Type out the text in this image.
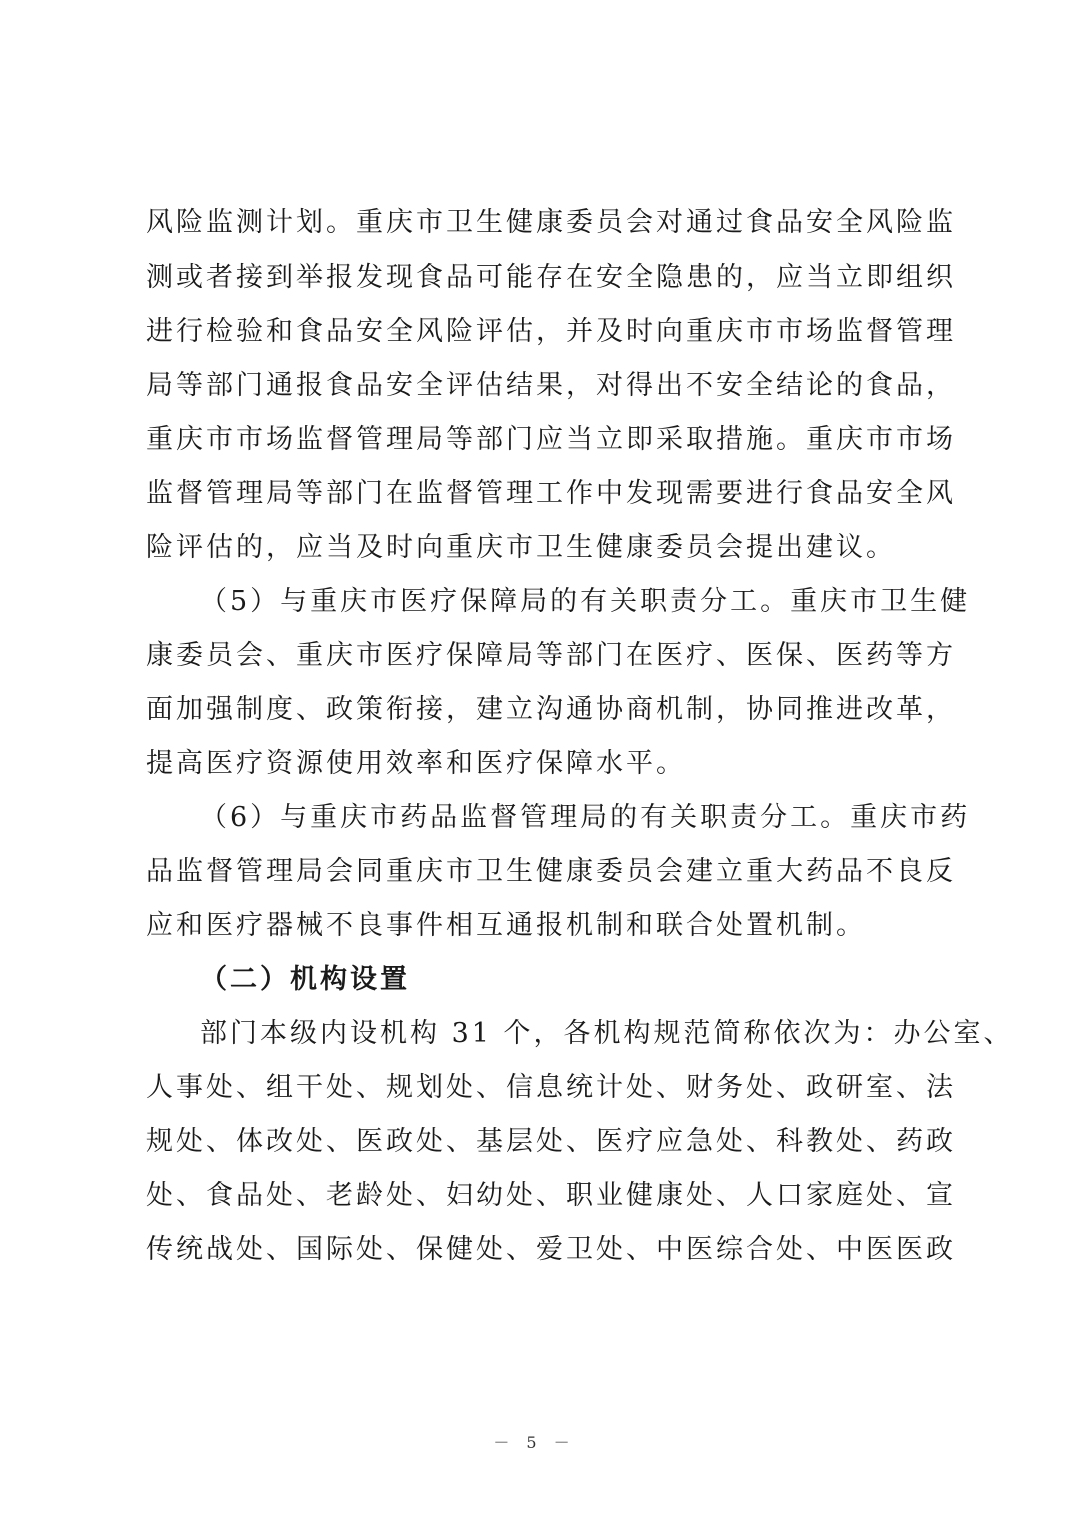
风险监测计划。重庆市卫生健康委员会对通过食品安全风险监
测或者接到举报发现食品可能存在安全隐患的，应当立即组织
进行检验和食品安全风险评估，并及时向重庆市市场监督管理
局等部门通报食品安全评估结果，对得出不安全结论的食品，
重庆市市场监督管理局等部门应当立即采取措施。重庆市市场
监督管理局等部门在监督管理工作中发现需要进行食品安全风
险评估的，应当及时向重庆市卫生健康委员会提出建议。
（5）与重庆市医疗保障局的有关职责分工。重庆市卫生健
康委员会、重庆市医疗保障局等部门在医疗、医保、医药等方
面加强制度、政策衔接，建立沟通协商机制，协同推进改革，
提高医疗资源使用效率和医疗保障水平。
（6）与重庆市药品监督管理局的有关职责分工。重庆市药
品监督管理局会同重庆市卫生健康委员会建立重大药品不良反
应和医疗器械不良事件相互通报机制和联合处置机制。
（二）机构设置
部门本级内设机构 31 个，各机构规范简称依次为：办公室、
人事处、组干处、规划处、信息统计处、财务处、政研室、法
规处、体改处、医政处、基层处、医疗应急处、科教处、药政
处、食品处、老龄处、妇幼处、职业健康处、人口家庭处、宣
传统战处、国际处、保健处、爱卫处、中医综合处、中医医政
－ 5 －
